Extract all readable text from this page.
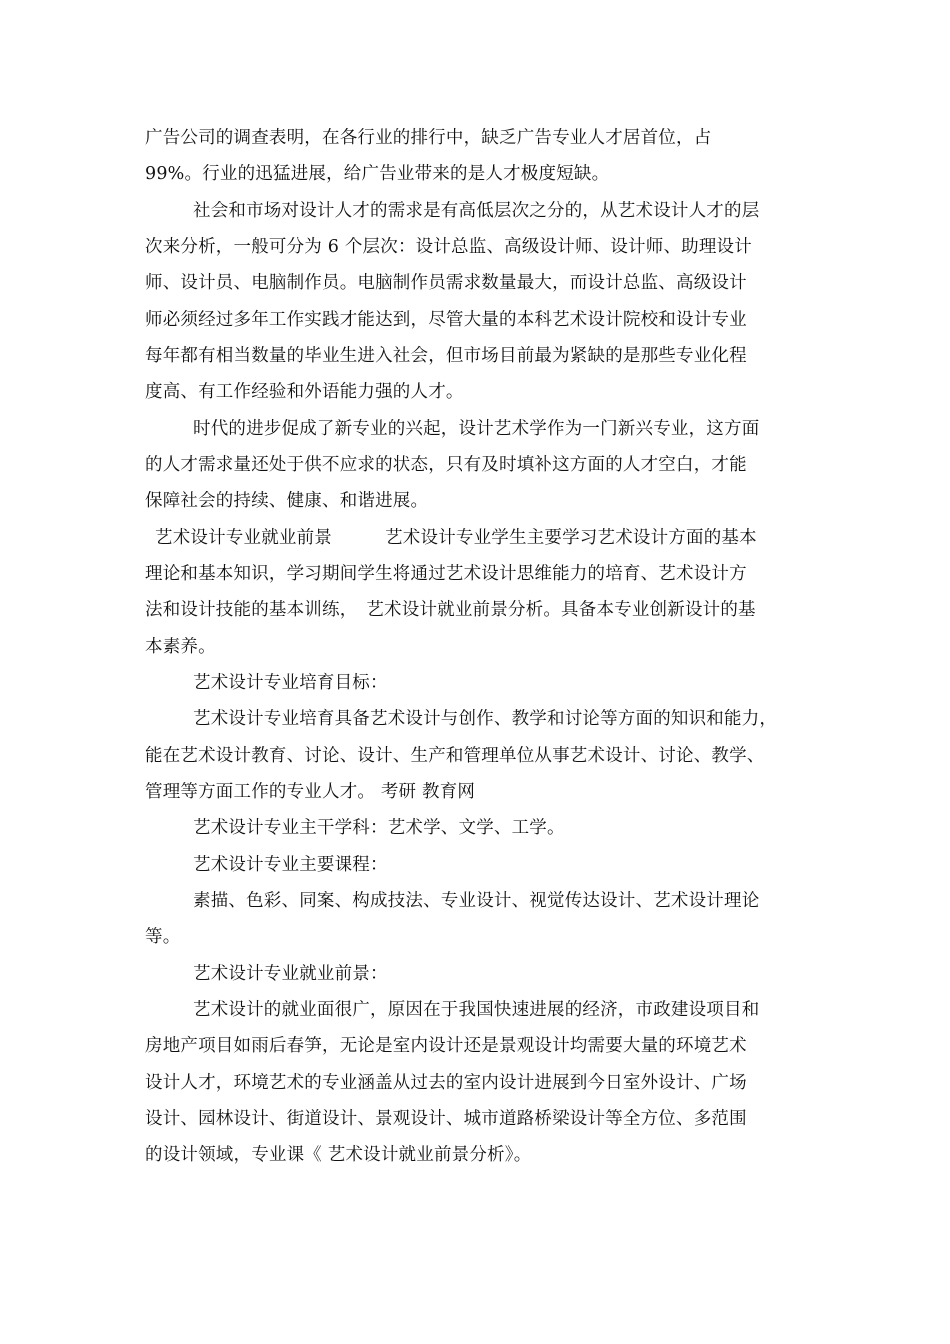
广告公司的调查表明，在各行业的排行中，缺乏广告专业人才居首位，占
99%。行业的迅猛进展，给广告业带来的是人才极度短缺。
社会和市场对设计人才的需求是有高低层次之分的，从艺术设计人才的层
次来分析，一般可分为 6 个层次：设计总监、高级设计师、设计师、助理设计
师、设计员、电脑制作员。电脑制作员需求数量最大，而设计总监、高级设计
师必须经过多年工作实践才能达到，尽管大量的本科艺术设计院校和设计专业
每年都有相当数量的毕业生进入社会，但市场目前最为紧缺的是那些专业化程
度高、有工作经验和外语能力强的人才。
时代的进步促成了新专业的兴起，设计艺术学作为一门新兴专业，这方面
的人才需求量还处于供不应求的状态，只有及时填补这方面的人才空白，才能
保障社会的持续、健康、和谐进展。
艺术设计专业就业前景　　　艺术设计专业学生主要学习艺术设计方面的基本
理论和基本知识，学习期间学生将通过艺术设计思维能力的培育、艺术设计方
法和设计技能的基本训练，　艺术设计就业前景分析。具备本专业创新设计的基
本素养。
艺术设计专业培育目标：
艺术设计专业培育具备艺术设计与创作、教学和讨论等方面的知识和能力，
能在艺术设计教育、讨论、设计、生产和管理单位从事艺术设计、讨论、教学、
管理等方面工作的专业人才。 考研 教育网
艺术设计专业主干学科：艺术学、文学、工学。
艺术设计专业主要课程：
素描、色彩、同案、构成技法、专业设计、视觉传达设计、艺术设计理论
等。
艺术设计专业就业前景：
艺术设计的就业面很广，原因在于我国快速进展的经济，市政建设项目和
房地产项目如雨后春笋，无论是室内设计还是景观设计均需要大量的环境艺术
设计人才，环境艺术的专业涵盖从过去的室内设计进展到今日室外设计、广场
设计、园林设计、街道设计、景观设计、城市道路桥梁设计等全方位、多范围
的设计领域，专业课《 艺术设计就业前景分析》。
